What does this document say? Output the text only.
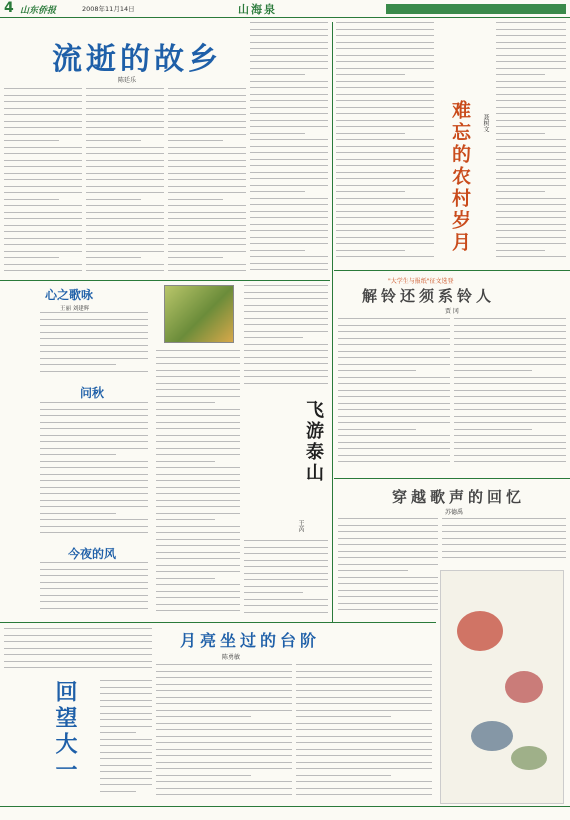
4 山东侨报	2008年11月14日	山海泉
流逝的故乡
陈廷乐
难忘的农村岁月	聂树文
心之歌咏
王丽 刘建辉
问秋
今夜的风
飞游泰山
王芮
"大学生与报纸"征文选登
解铃还须系铃人
贾 冈
穿越歌声的回忆
苏德禹
月亮坐过的台阶
陈勇敏
回望大一
